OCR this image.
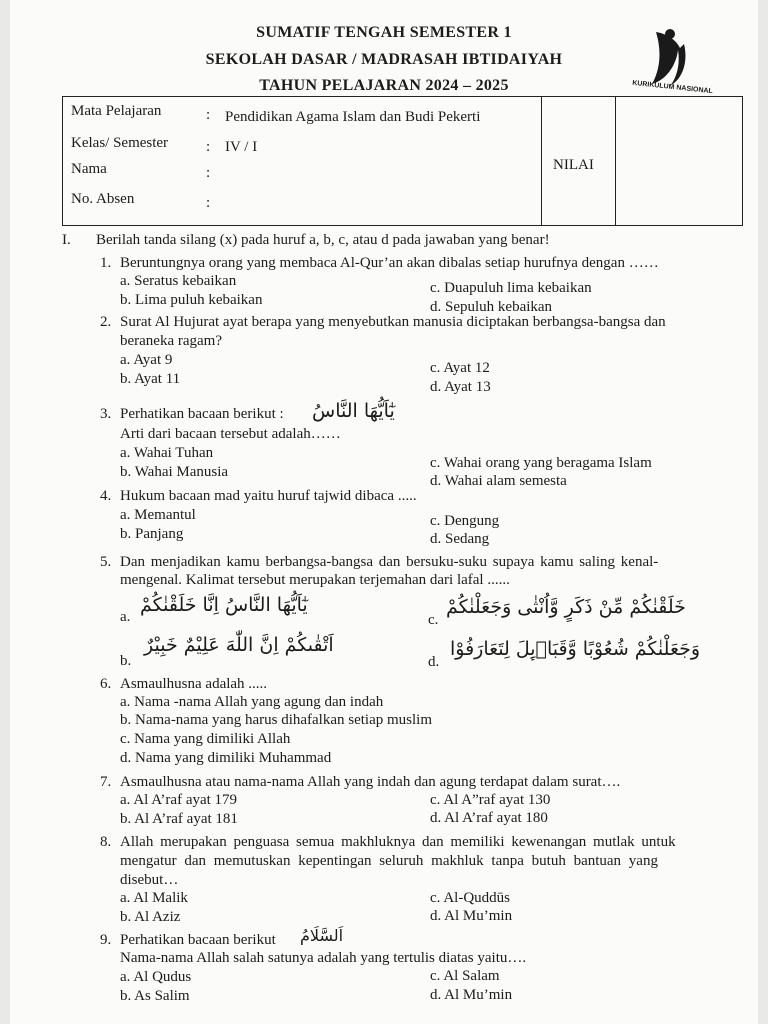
SUMATIF TENGAH SEMESTER 1
SEKOLAH DASAR / MADRASAH IBTIDAIYAH
TAHUN PELAJARAN 2024 – 2025	KURIKULUM NASIONAL
Mata Pelajaran
Kelas/ Semester
Nama
No. Absen
:
:
:
:
Pendidikan Agama Islam dan Budi Pekerti
IV / I
NILAI
I. Berilah tanda silang (x) pada huruf a, b, c, atau d pada jawaban yang benar!
1. Beruntungnya orang yang membaca Al-Qur’an akan dibalas setiap hurufnya dengan ……
a. Seratus kebaikan
b. Lima puluh kebaikan
c. Duapuluh lima kebaikan
d. Sepuluh kebaikan
2. Surat Al Hujurat ayat berapa yang menyebutkan manusia diciptakan berbangsa-bangsa dan
beraneka ragam?
a. Ayat 9
b. Ayat 11
c. Ayat 12
d. Ayat 13
3. Perhatikan bacaan berikut : يٰٓاَيُّهَا النَّاسُ
Arti dari bacaan tersebut adalah……
a. Wahai Tuhan
b. Wahai Manusia
c. Wahai orang yang beragama Islam
d. Wahai alam semesta
4. Hukum bacaan mad yaitu huruf tajwid dibaca .....
a. Memantul
b. Panjang
c. Dengung
d. Sedang
5. Dan menjadikan kamu berbangsa-bangsa dan bersuku-suku supaya kamu saling kenal-
mengenal. Kalimat tersebut merupakan terjemahan dari lafal ......
a.
يٰٓاَيُّهَا النَّاسُ اِنَّا خَلَقْنٰكُمْ
b.
اَتْقٰىكُمْ اِنَّ اللّٰهَ عَلِيْمٌ خَبِيْرٌ
c.
خَلَقْنٰكُمْ مِّنْ ذَكَرٍ وَّاُنْثٰى وَجَعَلْنٰكُمْ
d.
وَجَعَلْنٰكُمْ شُعُوْبًا وَّقَبَاۤىِٕلَ لِتَعَارَفُوْا
6. Asmaulhusna adalah .....
a. Nama -nama Allah yang agung dan indah
b. Nama-nama yang harus dihafalkan setiap muslim
c. Nama yang dimiliki Allah
d. Nama yang dimiliki Muhammad
7. Asmaulhusna atau nama-nama Allah yang indah dan agung terdapat dalam surat….
a. Al A’raf ayat 179
b. Al A’raf ayat 181
c. Al A”raf ayat 130
d. Al A’raf ayat 180
8. Allah merupakan penguasa semua makhluknya dan memiliki kewenangan mutlak untuk
mengatur dan memutuskan kepentingan seluruh makhluk tanpa butuh bantuan yang
disebut…
a. Al Malik
b. Al Aziz
c. Al-Quddūs
d. Al Mu’min
9. Perhatikan bacaan berikut اَلسَّلَامُ
Nama-nama Allah salah satunya adalah yang tertulis diatas yaitu….
a. Al Qudus
b. As Salim
c. Al Salam
d. Al Mu’min
